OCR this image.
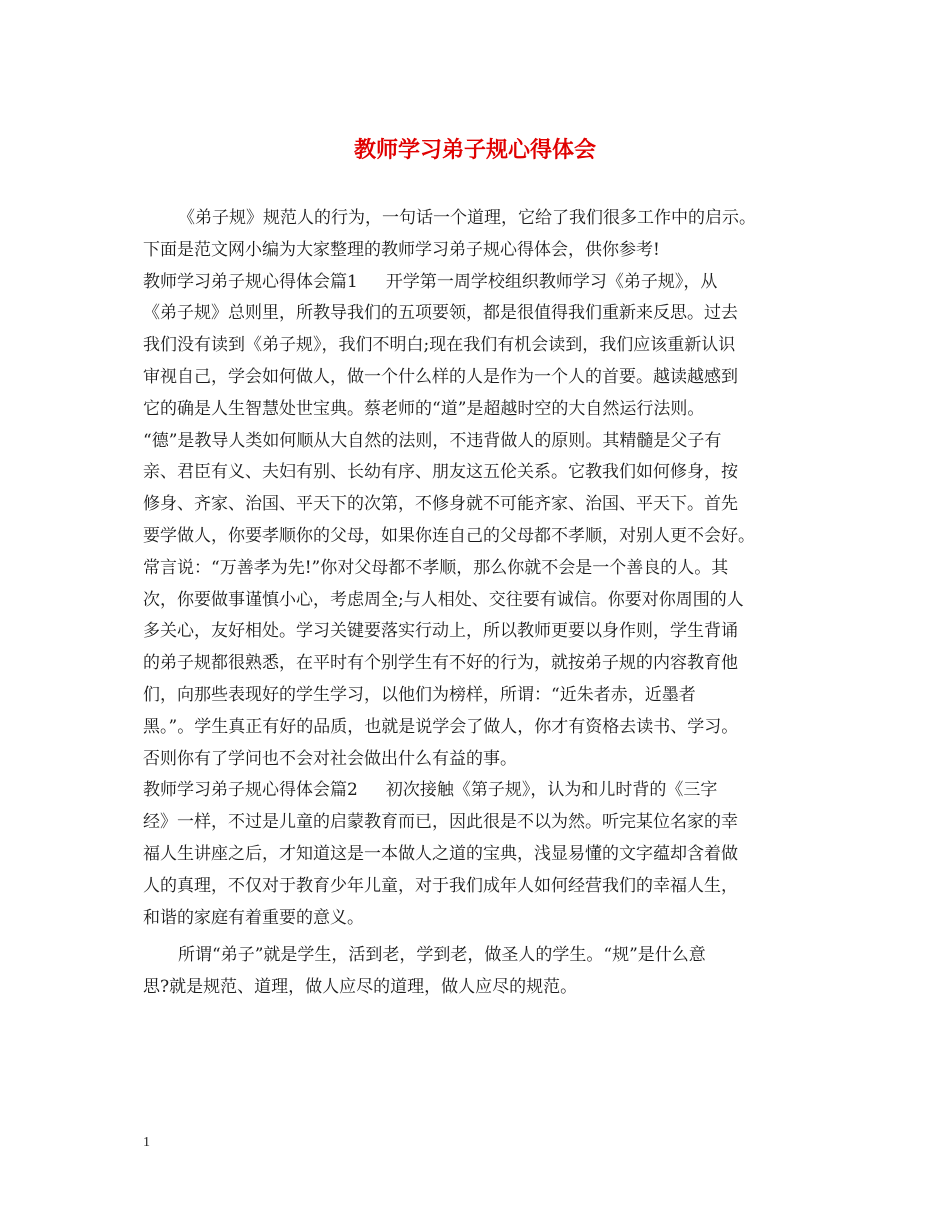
教师学习弟子规心得体会
《弟子规》规范人的行为，一句话一个道理，它给了我们很多工作中的启示。
下面是范文网小编为大家整理的教师学习弟子规心得体会，供你参考!
教师学习弟子规心得体会篇1 开学第一周学校组织教师学习《弟子规》，从
《弟子规》总则里，所教导我们的五项要领，都是很值得我们重新来反思。过去
我们没有读到《弟子规》，我们不明白;现在我们有机会读到，我们应该重新认识
审视自己，学会如何做人，做一个什么样的人是作为一个人的首要。越读越感到
它的确是人生智慧处世宝典。蔡老师的“道”是超越时空的大自然运行法则。
“德”是教导人类如何顺从大自然的法则，不违背做人的原则。其精髓是父子有
亲、君臣有义、夫妇有别、长幼有序、朋友这五伦关系。它教我们如何修身，按
修身、齐家、治国、平天下的次第，不修身就不可能齐家、治国、平天下。首先
要学做人，你要孝顺你的父母，如果你连自己的父母都不孝顺，对别人更不会好。
常言说：“万善孝为先!”你对父母都不孝顺，那么你就不会是一个善良的人。其
次，你要做事谨慎小心，考虑周全;与人相处、交往要有诚信。你要对你周围的人
多关心，友好相处。学习关键要落实行动上，所以教师更要以身作则，学生背诵
的弟子规都很熟悉，在平时有个别学生有不好的行为，就按弟子规的内容教育他
们，向那些表现好的学生学习，以他们为榜样，所谓：“近朱者赤，近墨者
黑。”。学生真正有好的品质，也就是说学会了做人，你才有资格去读书、学习。
否则你有了学问也不会对社会做出什么有益的事。
教师学习弟子规心得体会篇2 初次接触《第子规》，认为和儿时背的《三字
经》一样，不过是儿童的启蒙教育而已，因此很是不以为然。听完某位名家的幸
福人生讲座之后，才知道这是一本做人之道的宝典，浅显易懂的文字蕴却含着做
人的真理，不仅对于教育少年儿童，对于我们成年人如何经营我们的幸福人生，
和谐的家庭有着重要的意义。
所谓“弟子”就是学生，活到老，学到老，做圣人的学生。“规”是什么意
思?就是规范、道理，做人应尽的道理，做人应尽的规范。
1
